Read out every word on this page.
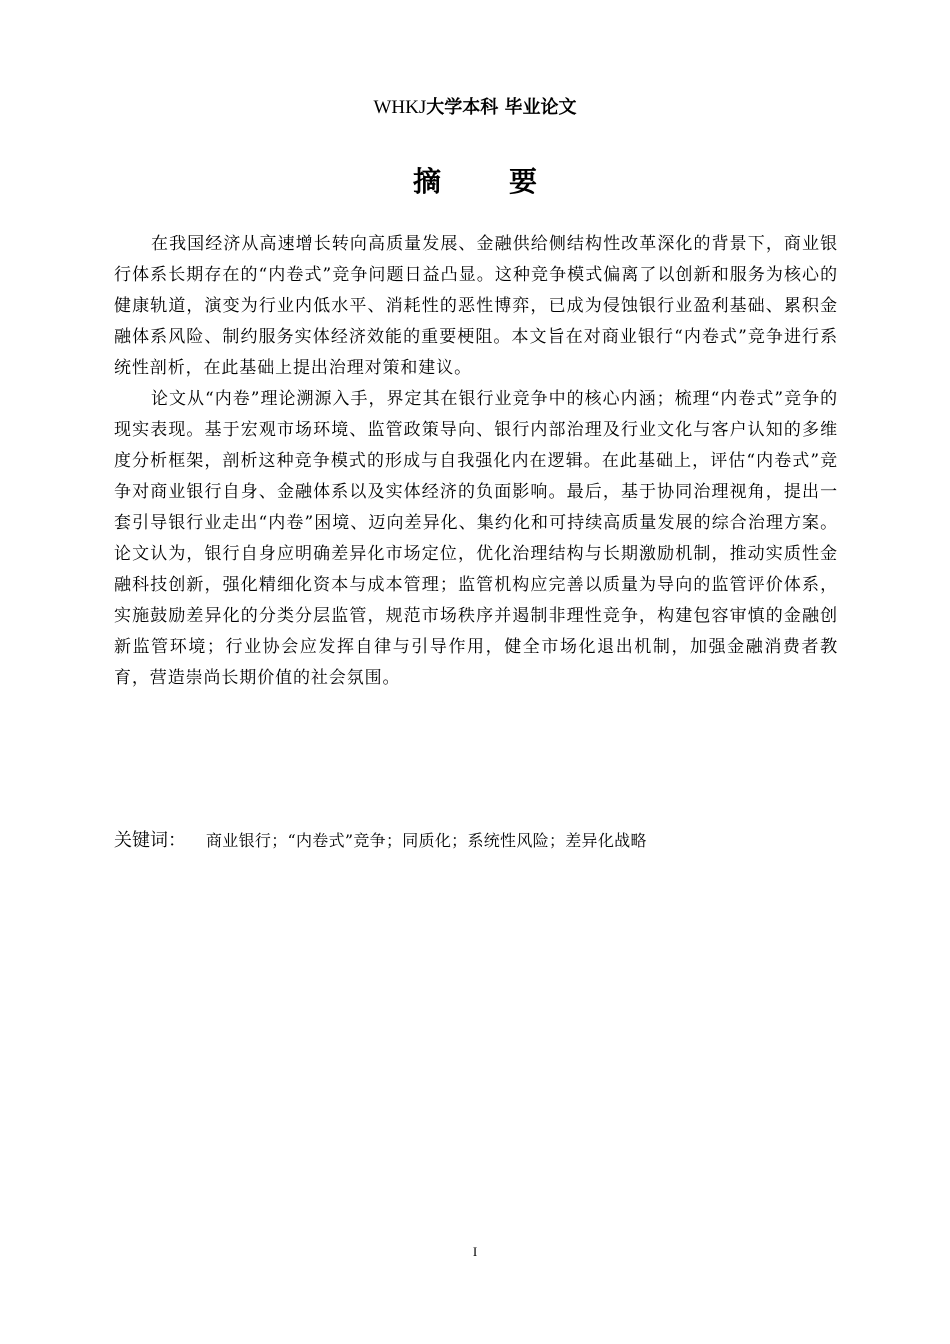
WHKJ大学本科 毕业论文
摘要

在我国经济从高速增长转向高质量发展、金融供给侧结构性改革深化的背景下，商业银行体系长期存在的“内卷式”竞争问题日益凸显。这种竞争模式偏离了以创新和服务为核心的健康轨道，演变为行业内低水平、消耗性的恶性博弈，已成为侵蚀银行业盈利基础、累积金融体系风险、制约服务实体经济效能的重要梗阻。本文旨在对商业银行“内卷式”竞争进行系统性剖析，在此基础上提出治理对策和建议。

论文从“内卷”理论溯源入手，界定其在银行业竞争中的核心内涵；梳理“内卷式”竞争的现实表现。基于宏观市场环境、监管政策导向、银行内部治理及行业文化与客户认知的多维度分析框架，剖析这种竞争模式的形成与自我强化内在逻辑。在此基础上，评估“内卷式”竞争对商业银行自身、金融体系以及实体经济的负面影响。最后，基于协同治理视角，提出一套引导银行业走出“内卷”困境、迈向差异化、集约化和可持续高质量发展的综合治理方案。论文认为，银行自身应明确差异化市场定位，优化治理结构与长期激励机制，推动实质性金融科技创新，强化精细化资本与成本管理；监管机构应完善以质量为导向的监管评价体系，实施鼓励差异化的分类分层监管，规范市场秩序并遏制非理性竞争，构建包容审慎的金融创新监管环境；行业协会应发挥自律与引导作用，健全市场化退出机制，加强金融消费者教育，营造崇尚长期价值的社会氛围。

关键词： 商业银行；“内卷式”竞争；同质化；系统性风险；差异化战略
I
